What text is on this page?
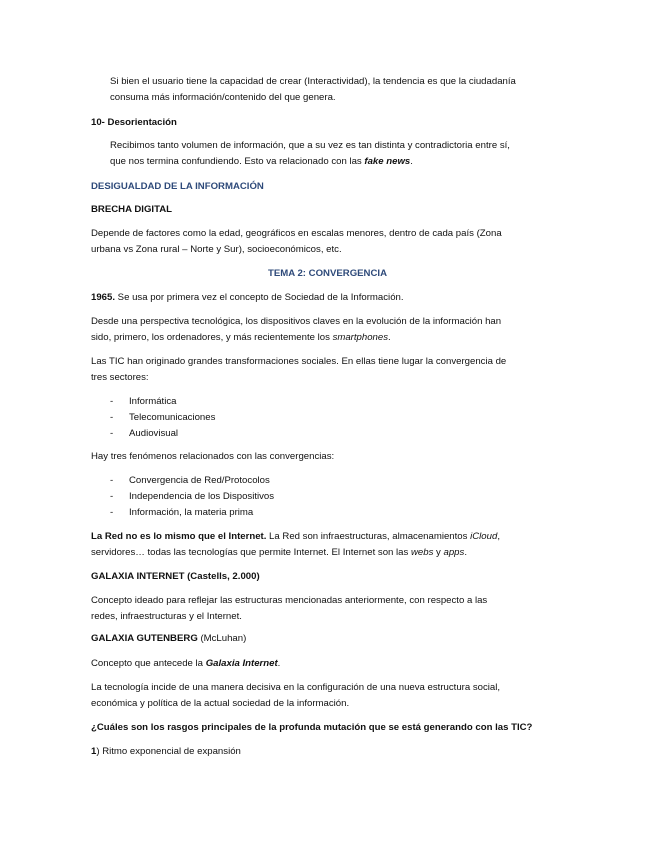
Si bien el usuario tiene la capacidad de crear (Interactividad), la tendencia es que la ciudadanía
consuma más información/contenido del que genera.
10- Desorientación
Recibimos tanto volumen de información, que a su vez es tan distinta y contradictoria entre sí,
que nos termina confundiendo. Esto va relacionado con las fake news.
DESIGUALDAD DE LA INFORMACIÓN
BRECHA DIGITAL
Depende de factores como la edad, geográficos en escalas menores, dentro de cada país (Zona
urbana vs Zona rural – Norte y Sur), socioeconómicos, etc.
TEMA 2: CONVERGENCIA
1965. Se usa por primera vez el concepto de Sociedad de la Información.
Desde una perspectiva tecnológica, los dispositivos claves en la evolución de la información han
sido, primero, los ordenadores, y más recientemente los smartphones.
Las TIC han originado grandes transformaciones sociales. En ellas tiene lugar la convergencia de
tres sectores:
- Informática
- Telecomunicaciones
- Audiovisual
Hay tres fenómenos relacionados con las convergencias:
- Convergencia de Red/Protocolos
- Independencia de los Dispositivos
- Información, la materia prima
La Red no es lo mismo que el Internet. La Red son infraestructuras, almacenamientos iCloud,
servidores… todas las tecnologías que permite Internet. El Internet son las webs y apps.
GALAXIA INTERNET (Castells, 2.000)
Concepto ideado para reflejar las estructuras mencionadas anteriormente, con respecto a las
redes, infraestructuras y el Internet.
GALAXIA GUTENBERG (McLuhan)
Concepto que antecede la Galaxia Internet.
La tecnología incide de una manera decisiva en la configuración de una nueva estructura social,
económica y política de la actual sociedad de la información.
¿Cuáles son los rasgos principales de la profunda mutación que se está generando con las TIC?
1) Ritmo exponencial de expansión
